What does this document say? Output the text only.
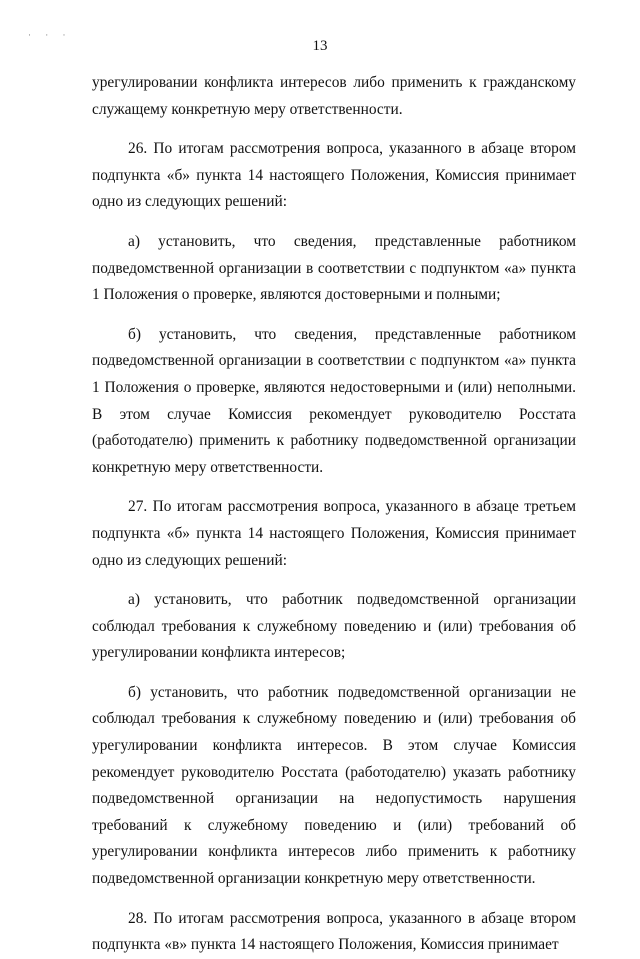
· · ·
13

урегулировании конфликта интересов либо применить к гражданскому служащему конкретную меру ответственности.

26. По итогам рассмотрения вопроса, указанного в абзаце втором подпункта «б» пункта 14 настоящего Положения, Комиссия принимает одно из следующих решений:

а) установить, что сведения, представленные работником подведомственной организации в соответствии с подпунктом «а» пункта 1 Положения о проверке, являются достоверными и полными;

б) установить, что сведения, представленные работником подведомственной организации в соответствии с подпунктом «а» пункта 1 Положения о проверке, являются недостоверными и (или) неполными. В этом случае Комиссия рекомендует руководителю Росстата (работодателю) применить к работнику подведомственной организации конкретную меру ответственности.

27. По итогам рассмотрения вопроса, указанного в абзаце третьем подпункта «б» пункта 14 настоящего Положения, Комиссия принимает одно из следующих решений:

а) установить, что работник подведомственной организации соблюдал требования к служебному поведению и (или) требования об урегулировании конфликта интересов;

б) установить, что работник подведомственной организации не соблюдал требования к служебному поведению и (или) требования об урегулировании конфликта интересов. В этом случае Комиссия рекомендует руководителю Росстата (работодателю) указать работнику подведомственной организации на недопустимость нарушения требований к служебному поведению и (или) требований об урегулировании конфликта интересов либо применить к работнику подведомственной организации конкретную меру ответственности.

28. По итогам рассмотрения вопроса, указанного в абзаце втором подпункта «в» пункта 14 настоящего Положения, Комиссия принимает
